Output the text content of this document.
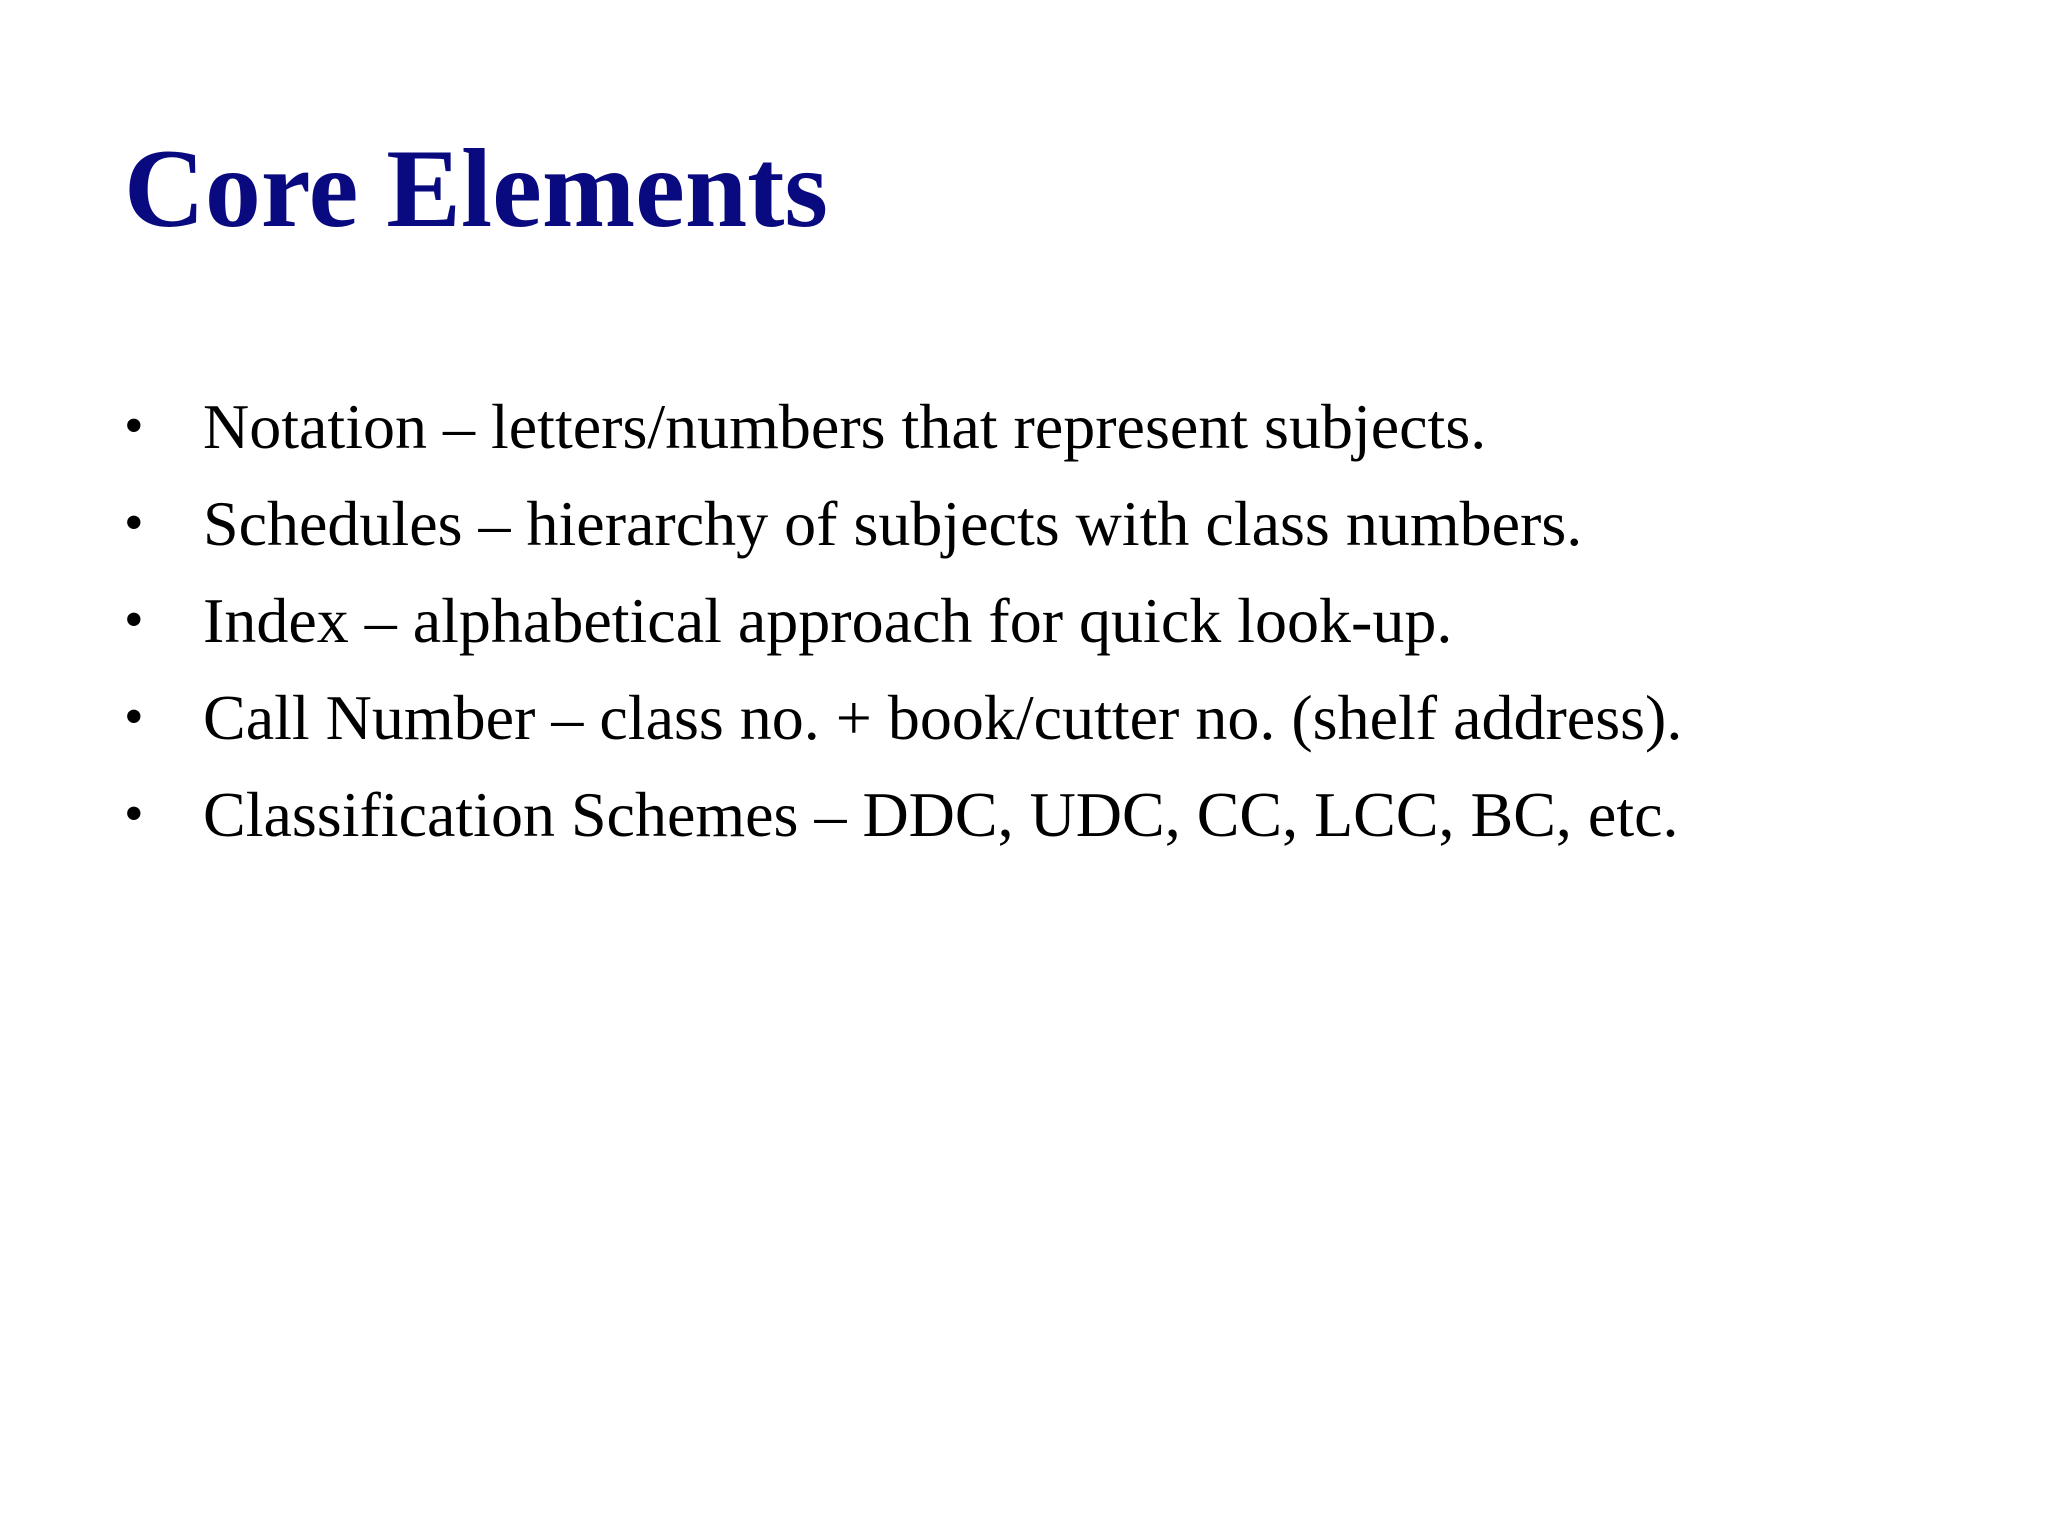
Core Elements
• Notation – letters/numbers that represent subjects.
• Schedules – hierarchy of subjects with class numbers.
• Index – alphabetical approach for quick look-up.
• Call Number – class no. + book/cutter no. (shelf address).
• Classification Schemes – DDC, UDC, CC, LCC, BC, etc.
